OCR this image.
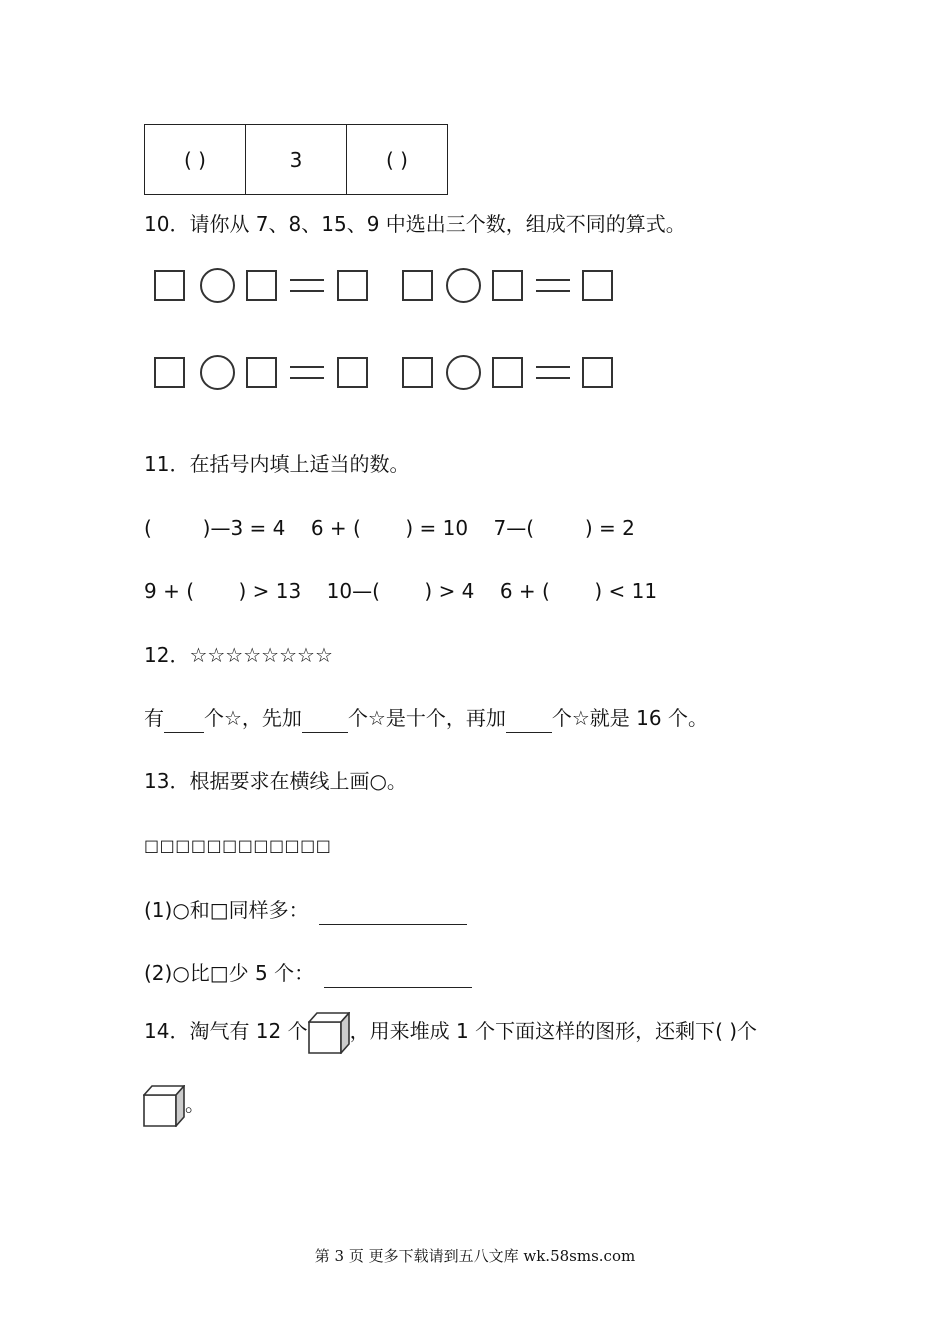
( )	3	( )
10．请你从 7、8、15、9 中选出三个数，组成不同的算式。
11．在括号内填上适当的数。
(        )—3 = 4    6 + (       ) = 10    7—(        ) = 2
9 + (       ) > 13    10—(       ) > 4    6 + (       ) < 11
12．☆☆☆☆☆☆☆☆
有 个☆，先加 个☆是十个，再加 个☆就是 16 个。
13．根据要求在横线上画○。
□□□□□□□□□□□□
(1)○和□同样多：
(2)○比□少 5 个：
14．淘气有 12 个 ，用来堆成 1 个下面这样的图形，还剩下( )个
。
第 3 页 更多下载请到五八文库 wk.58sms.com
